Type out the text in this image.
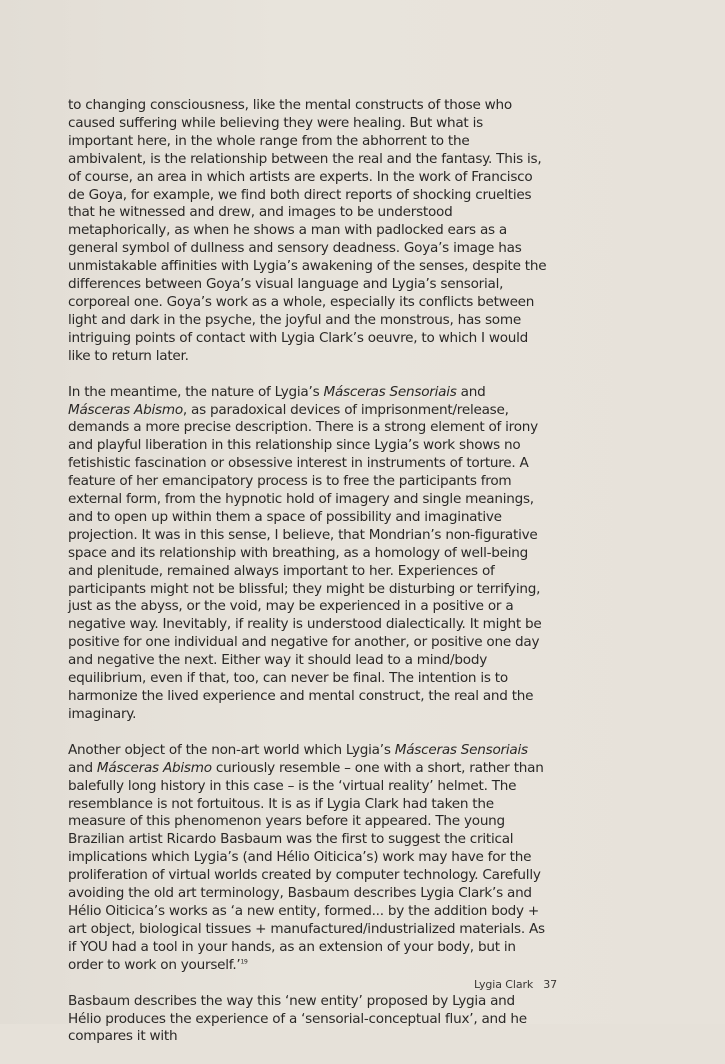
to changing consciousness, like the mental constructs of those who caused suffering while believing they were healing. But what is important here, in the whole range from the abhorrent to the ambivalent, is the relationship between the real and the fantasy. This is, of course, an area in which artists are experts. In the work of Francisco de Goya, for example, we find both direct reports of shocking cruelties that he witnessed and drew, and images to be understood metaphorically, as when he shows a man with padlocked ears as a general symbol of dullness and sensory deadness. Goya’s image has unmistakable affinities with Lygia’s awakening of the senses, despite the differences between Goya’s visual language and Lygia’s sensorial, corporeal one. Goya’s work as a whole, especially its conflicts between light and dark in the psyche, the joyful and the monstrous, has some intriguing points of contact with Lygia Clark’s oeuvre, to which I would like to return later.

In the meantime, the nature of Lygia’s Másceras Sensoriais and Másceras Abismo, as paradoxical devices of imprisonment/release, demands a more precise description. There is a strong element of irony and playful liberation in this relationship since Lygia’s work shows no fetishistic fascination or obsessive interest in instruments of torture. A feature of her emancipatory process is to free the participants from external form, from the hypnotic hold of imagery and single meanings, and to open up within them a space of possibility and imaginative projection. It was in this sense, I believe, that Mondrian’s non-figurative space and its relationship with breathing, as a homology of well-being and plenitude, remained always important to her. Experiences of participants might not be blissful; they might be disturbing or terrifying, just as the abyss, or the void, may be experienced in a positive or a negative way. Inevitably, if reality is understood dialectically. It might be positive for one individual and negative for another, or positive one day and negative the next. Either way it should lead to a mind/body equilibrium, even if that, too, can never be final. The intention is to harmonize the lived experience and mental construct, the real and the imaginary.

Another object of the non-art world which Lygia’s Másceras Sensoriais and Másceras Abismo curiously resemble – one with a short, rather than balefully long history in this case – is the ‘virtual reality’ helmet. The resemblance is not fortuitous. It is as if Lygia Clark had taken the measure of this phenomenon years before it appeared. The young Brazilian artist Ricardo Basbaum was the first to suggest the critical implications which Lygia’s (and Hélio Oiticica’s) work may have for the proliferation of virtual worlds created by computer technology. Carefully avoiding the old art terminology, Basbaum describes Lygia Clark’s and Hélio Oiticica’s works as ‘a new entity, formed... by the addition body + art object, biological tissues + manufactured/industrialized materials. As if YOU had a tool in your hands, as an extension of your body, but in order to work on yourself.’$^{19}$

Basbaum describes the way this ‘new entity’ proposed by Lygia and Hélio produces the experience of a ‘sensorial-conceptual flux’, and he compares it with

Lygia Clark 37
